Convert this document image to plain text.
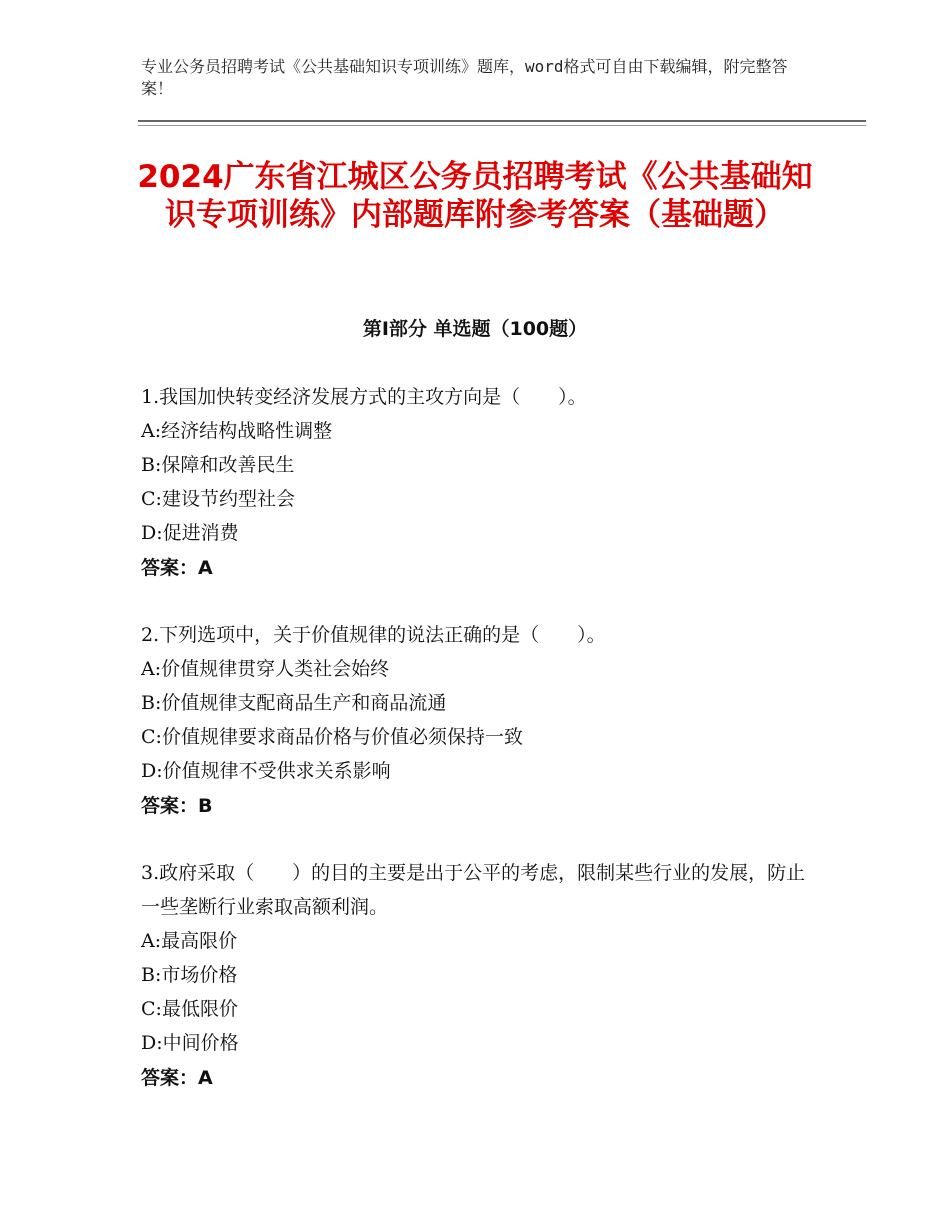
专业公务员招聘考试《公共基础知识专项训练》题库，word格式可自由下载编辑，附完整答案！
2024广东省江城区公务员招聘考试《公共基础知识专项训练》内部题库附参考答案（基础题）
第Ⅰ部分 单选题（100题）
1.我国加快转变经济发展方式的主攻方向是（　　）。
A:经济结构战略性调整
B:保障和改善民生
C:建设节约型社会
D:促进消费
答案：A
2.下列选项中，关于价值规律的说法正确的是（　　）。
A:价值规律贯穿人类社会始终
B:价值规律支配商品生产和商品流通
C:价值规律要求商品价格与价值必须保持一致
D:价值规律不受供求关系影响
答案：B
3.政府采取（　　）的目的主要是出于公平的考虑，限制某些行业的发展，防止一些垄断行业索取高额利润。
A:最高限价
B:市场价格
C:最低限价
D:中间价格
答案：A
